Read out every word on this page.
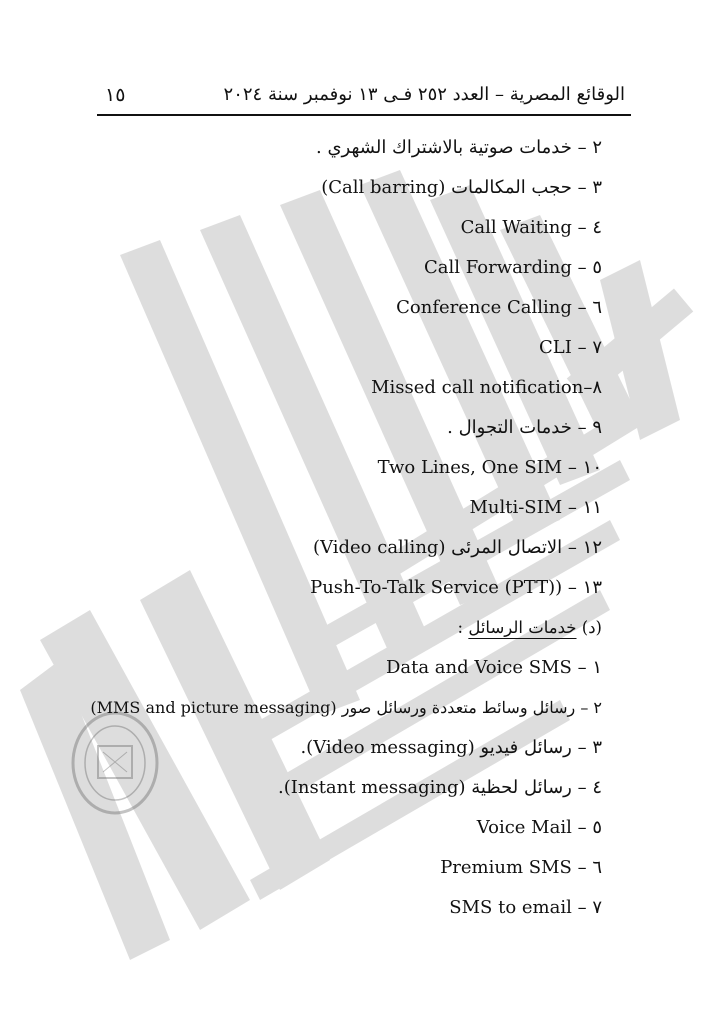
١٥	الوقائع المصرية – العدد ٢٥٢ فـى ١٣ نوفمبر سنة ٢٠٢٤
٢ – خدمات صوتية بالاشتراك الشهري .
٣ – حجب المكالمات (Call barring)
٤ – Call Waiting
٥ – Call Forwarding
٦ – Conference Calling
٧ – CLI
٨–Missed call notification
٩ – خدمات التجوال .
١٠ – Two Lines, One SIM
١١ – Multi-SIM
١٢ – الاتصال المرئى (Video calling)
١٣ – (Push-To-Talk Service (PTT)
(د) خدمات الرسائل :
١ – Data and Voice SMS
٢ – رسائل وسائط متعددة ورسائل صور (MMS and picture messaging)
٣ – رسائل فيديو (Video messaging).
٤ – رسائل لحظية (Instant messaging).
٥ – Voice Mail
٦ – Premium SMS
٧ – SMS to email
